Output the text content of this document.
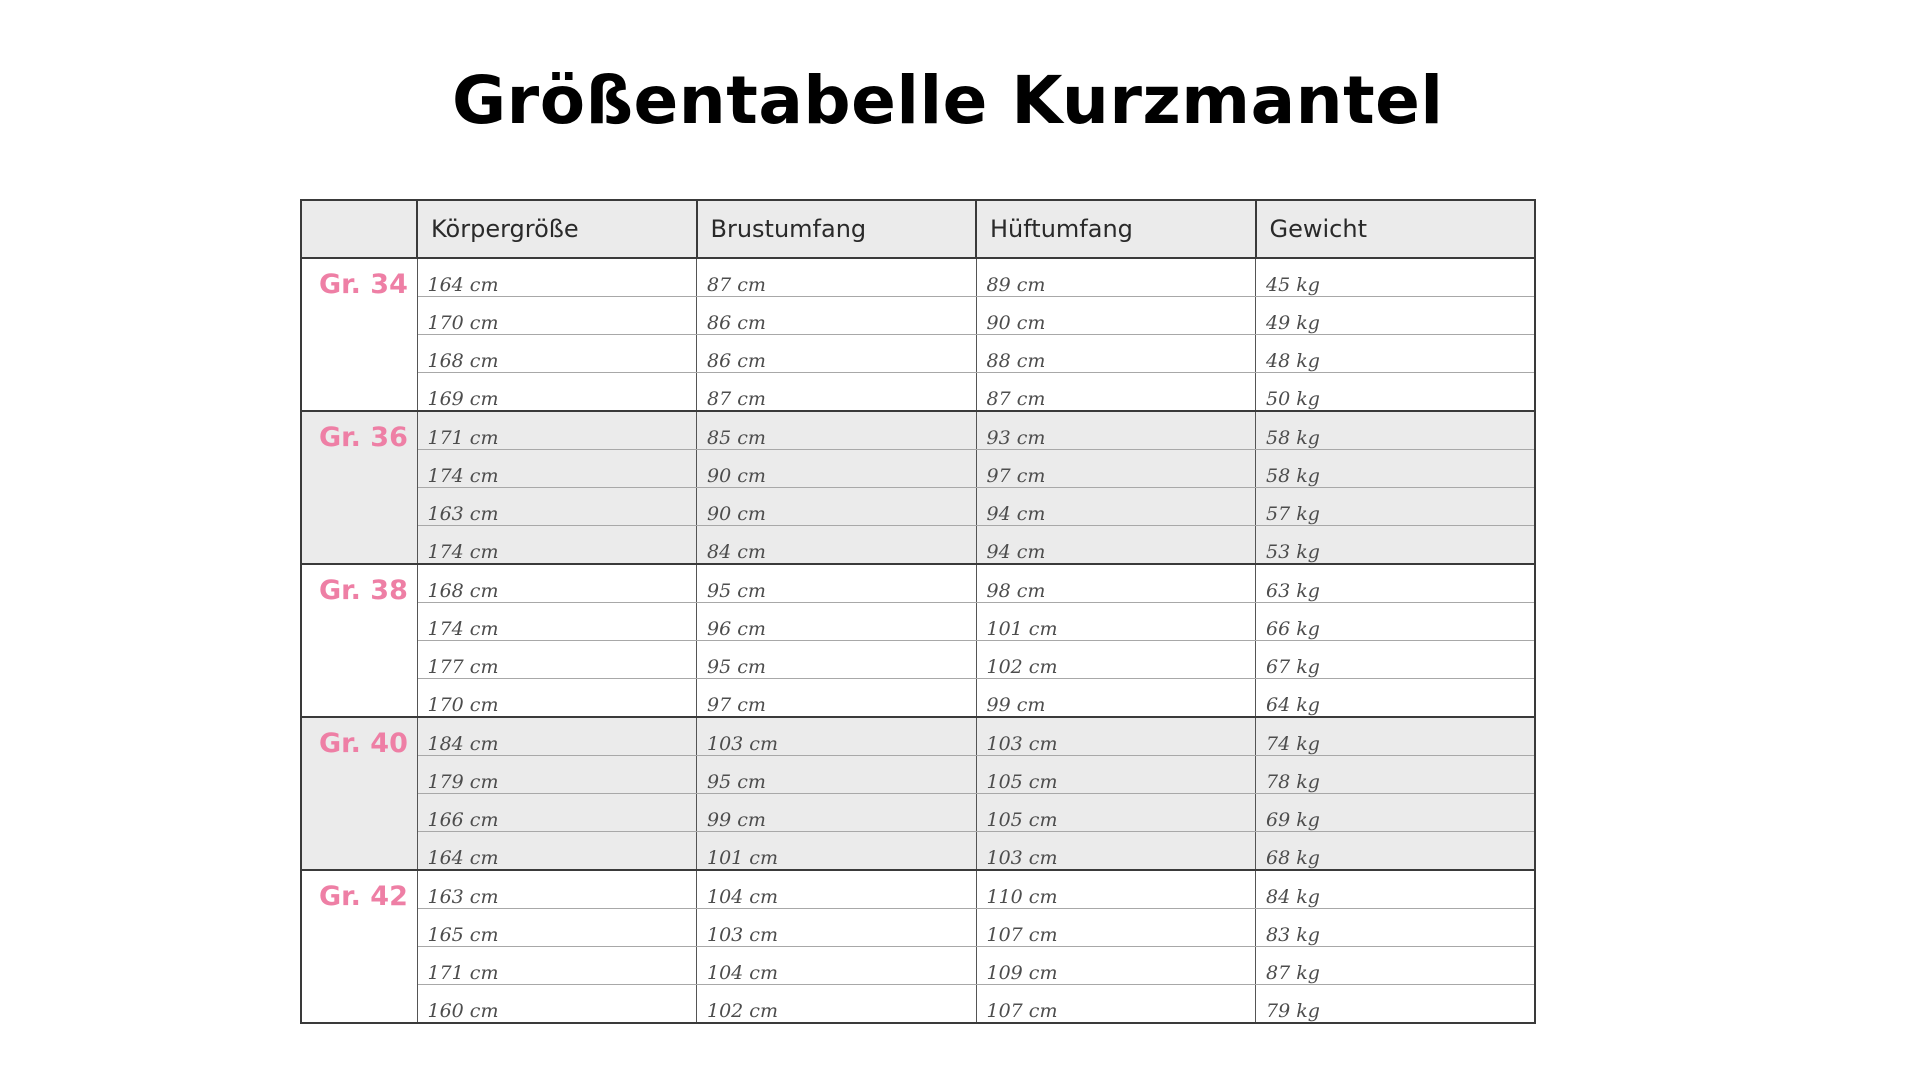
Größentabelle Kurzmantel
	Körpergröße	Brustumfang	Hüftumfang	Gewicht
Gr. 34	164 cm	87 cm	89 cm	45 kg
	170 cm	86 cm	90 cm	49 kg
	168 cm	86 cm	88 cm	48 kg
	169 cm	87 cm	87 cm	50 kg
Gr. 36	171 cm	85 cm	93 cm	58 kg
	174 cm	90 cm	97 cm	58 kg
	163 cm	90 cm	94 cm	57 kg
	174 cm	84 cm	94 cm	53 kg
Gr. 38	168 cm	95 cm	98 cm	63 kg
	174 cm	96 cm	101 cm	66 kg
	177 cm	95 cm	102 cm	67 kg
	170 cm	97 cm	99 cm	64 kg
Gr. 40	184 cm	103 cm	103 cm	74 kg
	179 cm	95 cm	105 cm	78 kg
	166 cm	99 cm	105 cm	69 kg
	164 cm	101 cm	103 cm	68 kg
Gr. 42	163 cm	104 cm	110 cm	84 kg
	165 cm	103 cm	107 cm	83 kg
	171 cm	104 cm	109 cm	87 kg
	160 cm	102 cm	107 cm	79 kg
